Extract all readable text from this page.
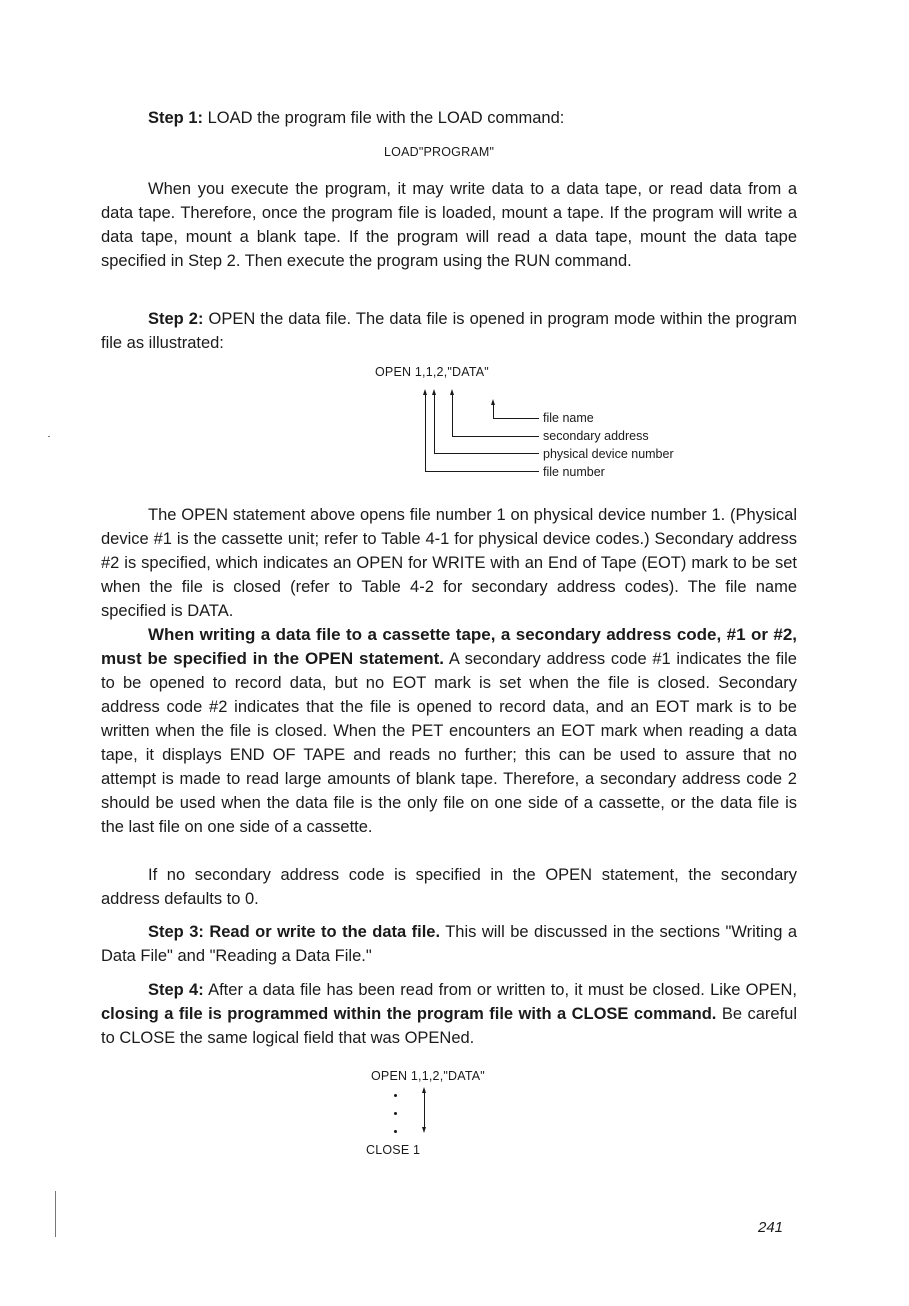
Step 1: LOAD the program file with the LOAD command:

LOAD"PROGRAM"

When you execute the program, it may write data to a data tape, or read data from a data tape. Therefore, once the program file is loaded, mount a tape. If the program will write a data tape, mount a blank tape. If the program will read a data tape, mount the data tape specified in Step 2. Then execute the program using the RUN command.

Step 2: OPEN the data file. The data file is opened in program mode within the program file as illustrated:

OPEN 1,1,2,"DATA"
file name
secondary address
physical device number
file number

The OPEN statement above opens file number 1 on physical device number 1. (Physical device #1 is the cassette unit; refer to Table 4-1 for physical device codes.) Secondary address #2 is specified, which indicates an OPEN for WRITE with an End of Tape (EOT) mark to be set when the file is closed (refer to Table 4-2 for secondary address codes). The file name specified is DATA.

When writing a data file to a cassette tape, a secondary address code, #1 or #2, must be specified in the OPEN statement. A secondary address code #1 indicates the file to be opened to record data, but no EOT mark is set when the file is closed. Secondary address code #2 indicates that the file is opened to record data, and an EOT mark is to be written when the file is closed. When the PET encounters an EOT mark when reading a data tape, it displays END OF TAPE and reads no further; this can be used to assure that no attempt is made to read large amounts of blank tape. Therefore, a secondary address code 2 should be used when the data file is the only file on one side of a cassette, or the data file is the last file on one side of a cassette.

If no secondary address code is specified in the OPEN statement, the secondary address defaults to 0.

Step 3: Read or write to the data file. This will be discussed in the sections "Writing a Data File" and "Reading a Data File."

Step 4: After a data file has been read from or written to, it must be closed. Like OPEN, closing a file is programmed within the program file with a CLOSE command. Be careful to CLOSE the same logical field that was OPENed.

OPEN 1,1,2,"DATA"
CLOSE 1
241
